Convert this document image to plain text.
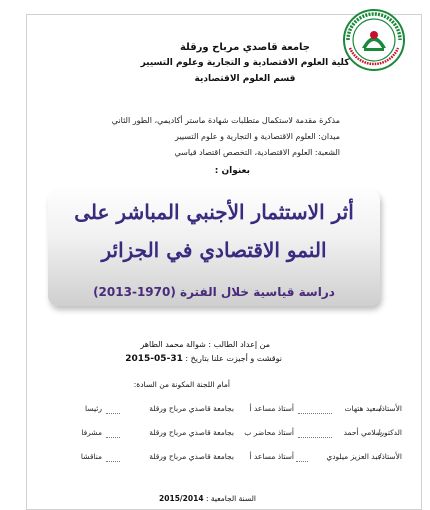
جامعة قاصدي مرباح ورقلة
كلية العلوم الاقتصادية و التجارية وعلوم التسيير
قسم العلوم الاقتصادية
مذكرة مقدمة لاستكمال متطلبات شهادة ماستر أكاديمي، الطور الثاني
ميدان: العلوم الاقتصادية و التجارية و علوم التسيير
الشعبة: العلوم الاقتصادية، التخصص اقتصاد قياسي
بعنوان :
أثر الاستثمار الأجنبي المباشر على
النمو الاقتصادي في الجزائر
دراسة قياسية خلال الفترة (1970-2013)
من إعداد الطالب : شوالة محمد الطاهر
نوقشت و أجيزت علنا بتاريخ : 31-05-2015
أمام اللجنة المكونة من السادة:
الأستاذ/
سعيد هتهات
أستاذ مساعد أ
بجامعة قاصدي مرباح ورقلة
رئيسا
الدكتور/
سلامي أحمد
أستاذ محاضر ب
بجامعة قاصدي مرباح ورقلة
مشرفا
الأستاذ/
عبد العزيز ميلودي
أستاذ مساعد أ
بجامعة قاصدي مرباح ورقلة
مناقشا
السنة الجامعية : 2015/2014
